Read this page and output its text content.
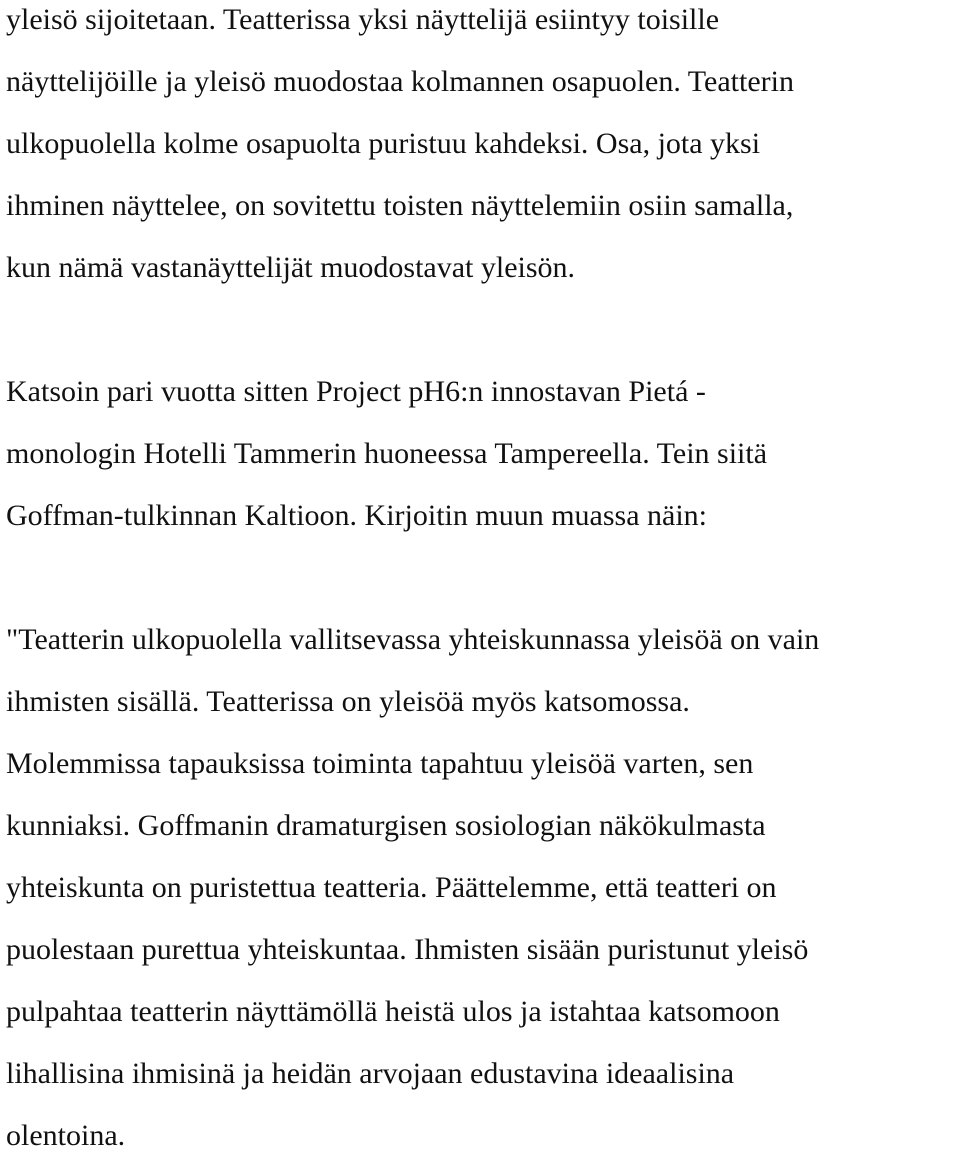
yleisö sijoitetaan. Teatterissa yksi näyttelijä esiintyy toisille
näyttelijöille ja yleisö muodostaa kolmannen osapuolen. Teatterin
ulkopuolella kolme osapuolta puristuu kahdeksi. Osa, jota yksi
ihminen näyttelee, on sovitettu toisten näyttelemiin osiin samalla,
kun nämä vastanäyttelijät muodostavat yleisön.
Katsoin pari vuotta sitten Project pH6:n innostavan Pietá -
monologin Hotelli Tammerin huoneessa Tampereella. Tein siitä
Goffman-tulkinnan Kaltioon. Kirjoitin muun muassa näin:
"Teatterin ulkopuolella vallitsevassa yhteiskunnassa yleisöä on vain
ihmisten sisällä. Teatterissa on yleisöä myös katsomossa.
Molemmissa tapauksissa toiminta tapahtuu yleisöä varten, sen
kunniaksi. Goffmanin dramaturgisen sosiologian näkökulmasta
yhteiskunta on puristettua teatteria. Päättelemme, että teatteri on
puolestaan purettua yhteiskuntaa. Ihmisten sisään puristunut yleisö
pulpahtaa teatterin näyttämöllä heistä ulos ja istahtaa katsomoon
lihallisina ihmisinä ja heidän arvojaan edustavina ideaalisina
olentoina.
